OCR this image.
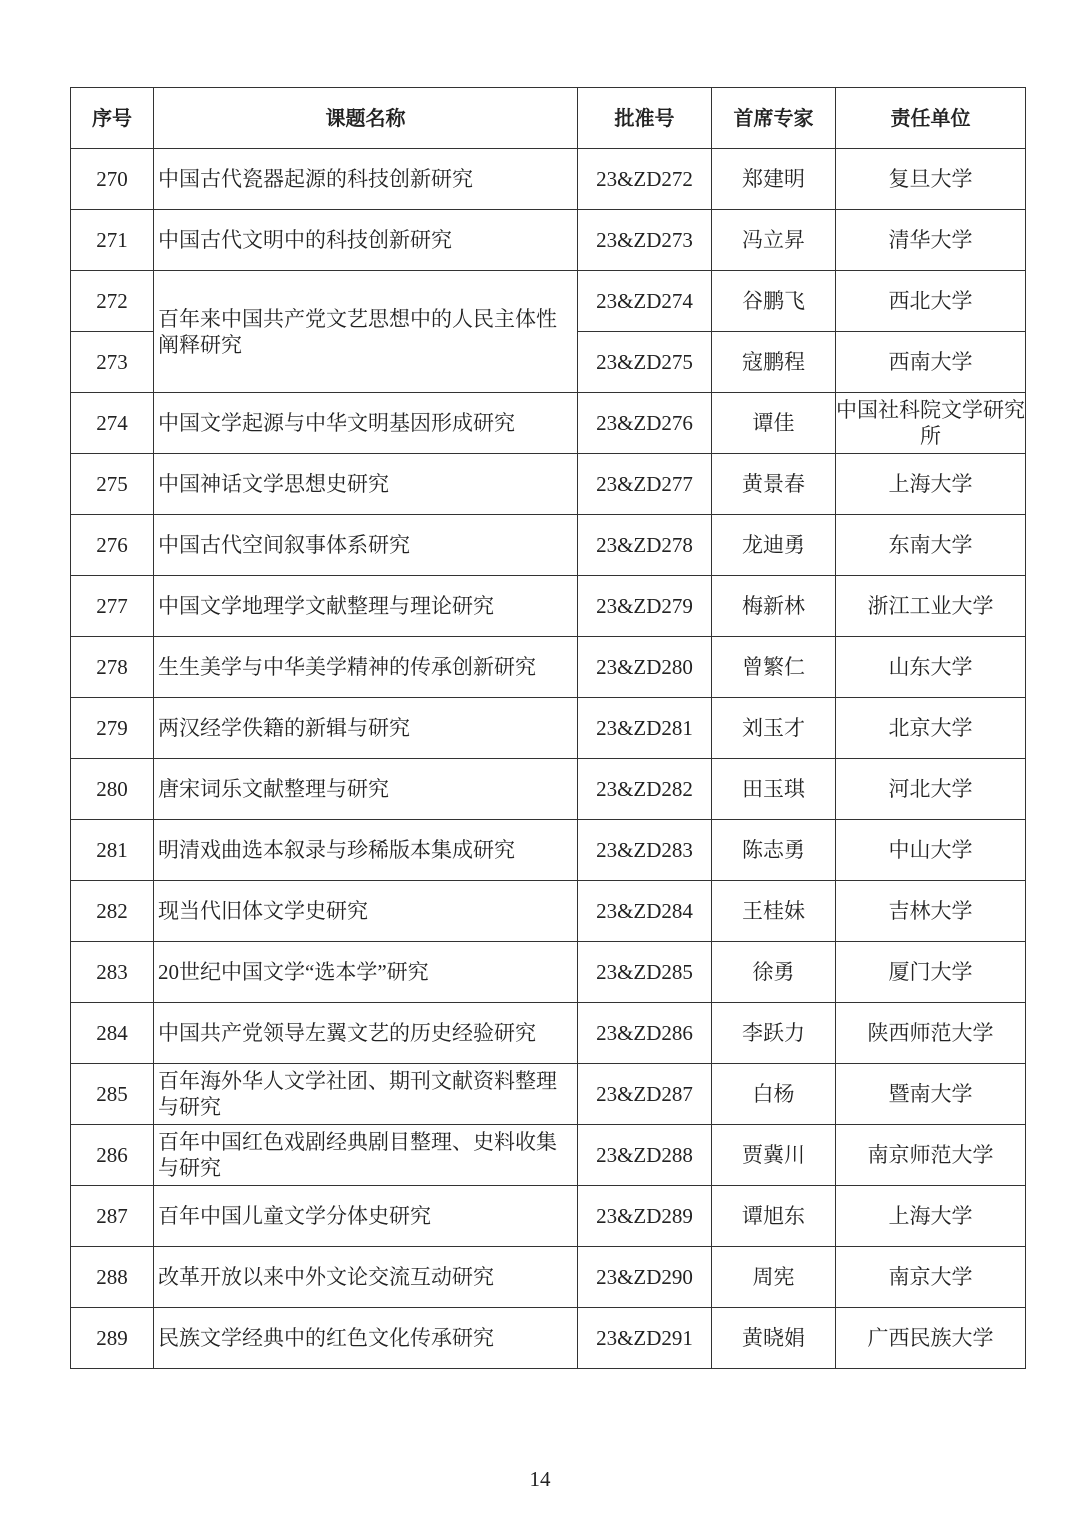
序号	课题名称	批准号	首席专家	责任单位
270	中国古代瓷器起源的科技创新研究	23&ZD272	郑建明	复旦大学
271	中国古代文明中的科技创新研究	23&ZD273	冯立昇	清华大学
272	百年来中国共产党文艺思想中的人民主体性阐释研究	23&ZD274	谷鹏飞	西北大学
273		23&ZD275	寇鹏程	西南大学
274	中国文学起源与中华文明基因形成研究	23&ZD276	谭佳	中国社科院文学研究所
275	中国神话文学思想史研究	23&ZD277	黄景春	上海大学
276	中国古代空间叙事体系研究	23&ZD278	龙迪勇	东南大学
277	中国文学地理学文献整理与理论研究	23&ZD279	梅新林	浙江工业大学
278	生生美学与中华美学精神的传承创新研究	23&ZD280	曾繁仁	山东大学
279	两汉经学佚籍的新辑与研究	23&ZD281	刘玉才	北京大学
280	唐宋词乐文献整理与研究	23&ZD282	田玉琪	河北大学
281	明清戏曲选本叙录与珍稀版本集成研究	23&ZD283	陈志勇	中山大学
282	现当代旧体文学史研究	23&ZD284	王桂妹	吉林大学
283	20世纪中国文学“选本学”研究	23&ZD285	徐勇	厦门大学
284	中国共产党领导左翼文艺的历史经验研究	23&ZD286	李跃力	陕西师范大学
285	百年海外华人文学社团、期刊文献资料整理与研究	23&ZD287	白杨	暨南大学
286	百年中国红色戏剧经典剧目整理、史料收集与研究	23&ZD288	贾冀川	南京师范大学
287	百年中国儿童文学分体史研究	23&ZD289	谭旭东	上海大学
288	改革开放以来中外文论交流互动研究	23&ZD290	周宪	南京大学
289	民族文学经典中的红色文化传承研究	23&ZD291	黄晓娟	广西民族大学
14
